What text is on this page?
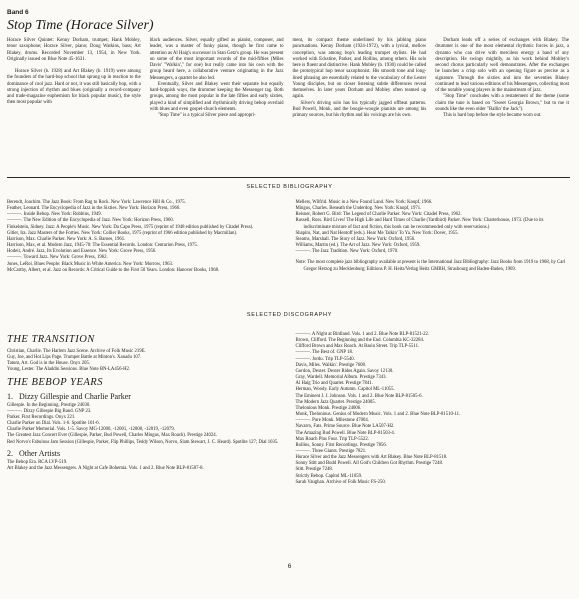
Band 6
Stop Time (Horace Silver)

Horace Silver Quintet: Kenny Dorham, trumpet; Hank Mobley, tenor saxophone; Horace Silver, piano; Doug Watkins, bass; Art Blakey, drums. Recorded November 13, 1954, in New York. Originally issued on Blue Note 45-1631.

Horace Silver (b. 1928) and Art Blakey (b. 1919) were among the founders of the hard-bop school that sprang up in reaction to the dominance of cool jazz. Hard or not, it was still basically bop, with a strong injection of rhythm and blues (originally a record-company and trade-magazine euphemism for black popular music), the style then most popular with

black audiences. Silver, equally gifted as pianist, composer, and leader, was a master of funky piano, though he first came to attention as Al Haig's successor in Stan Getz's group. He was present on some of the most important records of the mid-fifties (Miles Davis' "Walkin'," for one) but really came into his own with the group heard here, a collaborative venture originating in the Jazz Messengers, a quartet he also led.

Eventually, Silver and Blakey went their separate but equally hard-boppish ways, the drummer keeping the Messenger tag. Both groups, among the most popular in the late fifties and early sixties, played a kind of simplified and rhythmically driving bebop overlaid with blues and even gospel-church elements.

"Stop Time" is a typical Silver piece and appropri-

ment, its compact theme underlined by his jabbing piano punctuations. Kenny Dorham (1924-1972), with a lyrical, mellow conception, was among bop's leading trumpet stylists. He had worked with Eckstine, Parker, and Rollins, among others. His solo here is fluent and distinctive. Hank Mobley (b. 1930) could be called the prototypical hop tenor saxophonist. His smooth tone and long-lined phrasing are essentially related to the vocabulary of the Lester Young disciples, but on closer listening subtle differences reveal themselves. In later years Dorham and Mobley often teamed up again.

Silver's driving solo has his typically jagged offbeat patterns. Bud Powell, Monk, and the boogie-woogie pianists are among his primary sources, but his rhythm and his voicings are his own.

Dorham leads off a series of exchanges with Blakey. The drummer is one of the most elemental rhythmic forces in jazz, a dynamo who can drive with merciless energy a band of any description. He swings mightily, as his work behind Mobley's second chorus particularly well demonstrates. After the exchanges he launches a crisp solo with an opening figure as precise as a signature. Through the sixties and into the seventies Blakey continued to lead various editions of his Messengers, collecting most of the notable young players in the mainstream of jazz.

"Stop Time" concludes with a restatement of the theme (some claim the tune is based on "Sweet Georgia Brown," but to me it sounds like the even older "Ballin' the Jack").

This is hard bop before the style became worn out.

SELECTED BIBLIOGRAPHY
Berendt, Joachim. The Jazz Book: From Rag to Rock. New York: Lawrence Hill & Co., 1975.
Feather, Leonard. The Encyclopedia of Jazz in the Sixties. New York: Horizon Press, 1966.
———. Inside Bebop. New York: Robbins, 1949.
———. The New Edition of the Encyclopedia of Jazz. New York: Horizon Press, 1960.
Finkelstein, Sidney. Jazz: A People's Music. New York: Da Capo Press, 1975 (reprint of 1948 edition published by Citadel Press).
Gitler, Ira. Jazz Masters of the Forties. New York: Collier Books, 1975 (reprint of 1966 edition published by Macmillan).
Harrison, Max. Charlie Parker. New York: A. S. Barnes, 1961.
Harrison, Max, et al. Modern Jazz, 1945-70: The Essential Records. London: Centurion Press, 1975.
Hodeir, André. Jazz, Its Evolution and Essence. New York: Grove Press, 1956.
———. Toward Jazz. New York: Grove Press, 1962.
Jones, LeRoi. Blues People: Black Music in White America. New York: Morrow, 1963.
McCarthy, Albert, et al. Jazz on Records: A Critical Guide to the First 50 Years. London: Hanover Books, 1968.
Mellers, Wilfrid. Music in a New Found Land. New York: Knopf, 1966.
Mingus, Charles. Beneath the Underdog. New York: Knopf, 1971.
Reisner, Robert G. Bird: The Legend of Charlie Parker. New York: Citadel Press, 1962.
Russell, Ross. Bird Lives! The High Life and Hard Times of Charlie (Yardbird) Parker. New York: Charterhouse, 1973. (Due to its indiscriminate mixture of fact and fiction, this book can be recommended only with reservations.)
Shapiro, Nat, and Nat Hentoff (eds.). Hear Me Talkin' To Ya. New York: Dover, 1955.
Stearns, Marshall. The Story of Jazz. New York: Oxford, 1956.
Williams, Martin (ed.). The Art of Jazz. New York: Oxford, 1959.
———. The Jazz Tradition. New York: Oxford, 1970.
Note: The most complete jazz bibliography available at present is the International Jazz Bibliography: Jazz Books from 1919 to 1968, by Carl Gregor Herzog zu Mecklenburg; Editions P. H. Heitz/Verlag Heitz GMBH, Strasbourg and Baden-Baden, 1969.
SELECTED DISCOGRAPHY
THE TRANSITION
Christian, Charlie. The Harlem Jazz Scene. Archive of Folk Music 219E.
Guy, Joe, and Hot Lips Page. Trumpet Battle at Minton's. Xanadu 107.
Tatum, Art. God is in the House. Onyx 205.
Young, Lester. The Aladdin Sessions. Blue Note BN-LA456-H2.
THE BEBOP YEARS
1. Dizzy Gillespie and Charlie Parker
Gillespie. In the Beginning. Prestige 24030.
———. Dizzy Gillespie Big Band. GNP 23.
Parker. First Recordings. Onyx 221.
Charlie Parker on Dial. Vols. 1-6. Spotlite 101-6.
Charlie Parker Memorial. Vols. 1-5. Savoy MG-12000, -12001, -12008, -12019, -12079.
The Greatest Jazz Concert Ever (Gillespie, Parker, Bud Powell, Charles Mingus, Max Roach). Prestige 24024.
Red Norvo's Fabulous Jam Session (Gillespie, Parker, Flip Phillips, Teddy Wilson, Norvo, Slam Stewart, J. C. Heard). Spotlite 127; Dial 1035.
2. Other Artists
The Bebop Era. RCA LVP-519.
Art Blakey and the Jazz Messengers. A Night at Cafe Bohemia. Vols. 1 and 2. Blue Note BLP-81507-8.
———. A Night at Birdland. Vols. 1 and 2. Blue Note BLP-81521-22.
Brown, Clifford. The Beginning and the End. Columbia KC-32284.
Clifford Brown and Max Roach. At Basin Street. Trip TLP-5511.
———. The Best of. GNP 18.
———. Jordu. Trip TLP-5540.
Davis, Miles. Walkin'. Prestige 7608.
Gordon, Dexter. Dexter Rides Again. Savoy 12130.
Gray, Wardell. Memorial Album. Prestige 7343.
Al Haig Trio and Quartet. Prestige 7841.
Herman, Woody. Early Autumn. Capitol ML-11055.
The Eminent J. J. Johnson. Vols. 1 and 2. Blue Note BLP-81505-6.
The Modern Jazz Quartet. Prestige 24005.
Thelonious Monk. Prestige 24006.
Monk, Thelonious. Genius of Modern Music. Vols. 1 and 2. Blue Note BLP-81510-11.
———. Pure Monk. Milestone 47004.
Navarro, Fats. Prime Source. Blue Note LA507-H2.
The Amazing Bud Powell. Blue Note BLP-81503-4.
Max Roach Plus Four. Trip TLP-5522.
Rollins, Sonny. First Recordings. Prestige 7856.
———. Three Giants. Prestige 7821.
Horace Silver and the Jazz Messengers with Art Blakey. Blue Note BLP-81518.
Sonny Stitt and Budd Powell. All God's Children Got Rhythm. Prestige 7248.
Stitt. Prestige 7248.
Strictly Bebop. Capitol ML-11059.
Sarah Vaughan. Archive of Folk Music FS-250.
6
